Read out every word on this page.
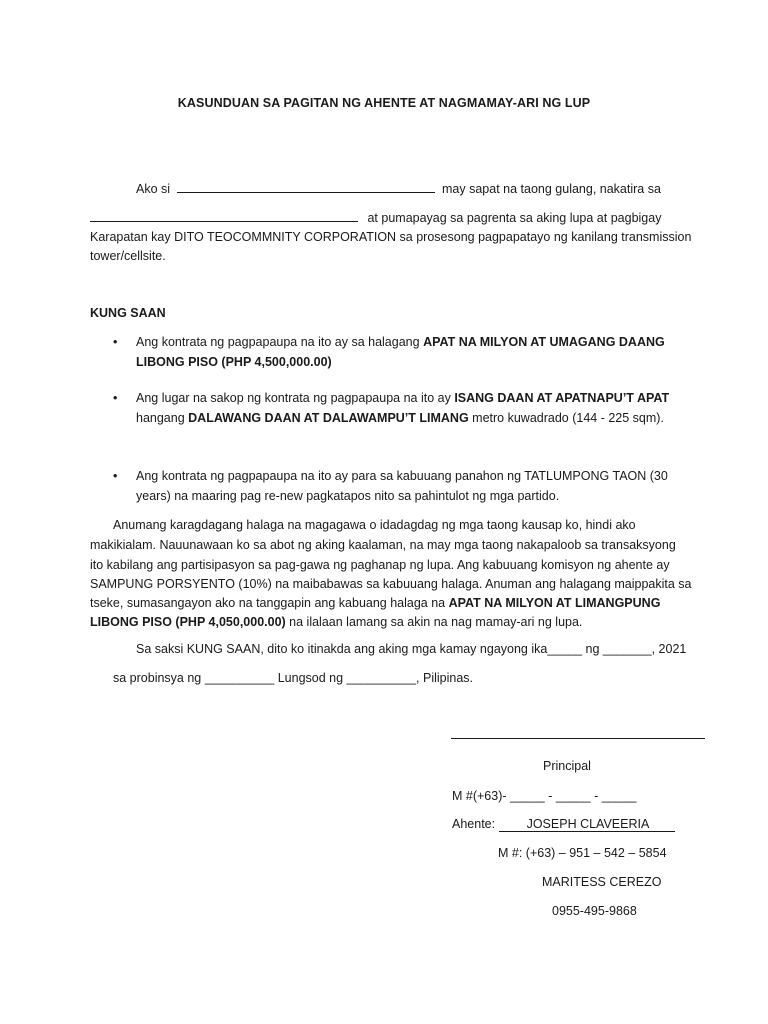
KASUNDUAN SA PAGITAN NG AHENTE AT NAGMAMAY-ARI NG LUP
Ako si	may sapat na taong gulang, nakatira sa
at pumapayag sa pagrenta sa aking lupa at pagbigay
Karapatan kay DITO TEOCOMMNITY CORPORATION sa prosesong pagpapatayo ng kanilang transmission
tower/cellsite.
KUNG SAAN
•	Ang kontrata ng pagpapaupa na ito ay sa halagang APAT NA MILYON AT UMAGANG DAANG
LIBONG PISO (PHP 4,500,000.00)
•	Ang lugar na sakop ng kontrata ng pagpapaupa na ito ay ISANG DAAN AT APATNAPU’T APAT
hangang DALAWANG DAAN AT DALAWAMPU’T LIMANG metro kuwadrado (144 - 225 sqm).
•	Ang kontrata ng pagpapaupa na ito ay para sa kabuuang panahon ng TATLUMPONG TAON (30
years) na maaring pag re-new pagkatapos nito sa pahintulot ng mga partido.
Anumang karagdagang halaga na magagawa o idadagdag ng mga taong kausap ko, hindi ako
makikialam. Nauunawaan ko sa abot ng aking kaalaman, na may mga taong nakapaloob sa transaksyong
ito kabilang ang partisipasyon sa pag-gawa ng paghanap ng lupa. Ang kabuuang komisyon ng ahente ay
SAMPUNG PORSYENTO (10%) na maibabawas sa kabuuang halaga. Anuman ang halagang maippakita sa
tseke, sumasangayon ako na tanggapin ang kabuang halaga na APAT NA MILYON AT LIMANGPUNG
LIBONG PISO (PHP 4,050,000.00) na ilalaan lamang sa akin na nag mamay-ari ng lupa.
Sa saksi KUNG SAAN, dito ko itinakda ang aking mga kamay ngayong ika_____ ng _______, 2021
sa probinsya ng __________ Lungsod ng __________, Pilipinas.
Principal
M #(+63)- _____ - _____ - _____
Ahente:	JOSEPH CLAVEERIA
M #: (+63) – 951 – 542 – 5854
MARITESS CEREZO
0955-495-9868
